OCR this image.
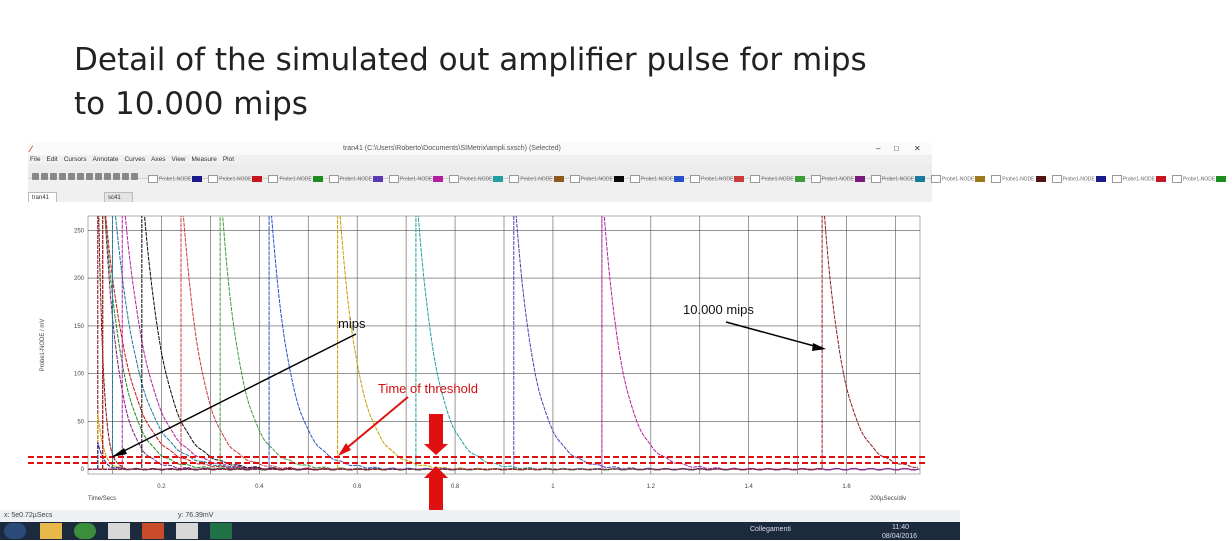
Detail of the simulated out amplifier pulse for mips to 10.000 mips
∕	tran41 (C:\Users\Roberto\Documents\SIMetrix\ampli.sxsch) (Selected)	– □ ✕
File Edit Cursors Annotate Curves Axes View Measure Plot
Probe1-NODE	Probe1-NODE	Probe1-NODE	Probe1-NODE	Probe1-NODE	Probe1-NODE	Probe1-NODE	Probe1-NODE	Probe1-NODE	Probe1-NODE	Probe1-NODE	Probe1-NODE	Probe1-NODE	Probe1-NODE	Probe1-NODE	Probe1-NODE	Probe1-NODE	Probe1-NODE
tran41	sc41
x: 5e0.72µSecs	y: 76.39mV
0
50
100
150
200
250
0.2	0.4	0.6	0.8	1	1.2	1.4	1.6
Probe1-NODE / mV
Time/Secs	200µSecs/div
mips
10.000 mips
Time of threshold
Collegamenti	11:40
08/04/2016
